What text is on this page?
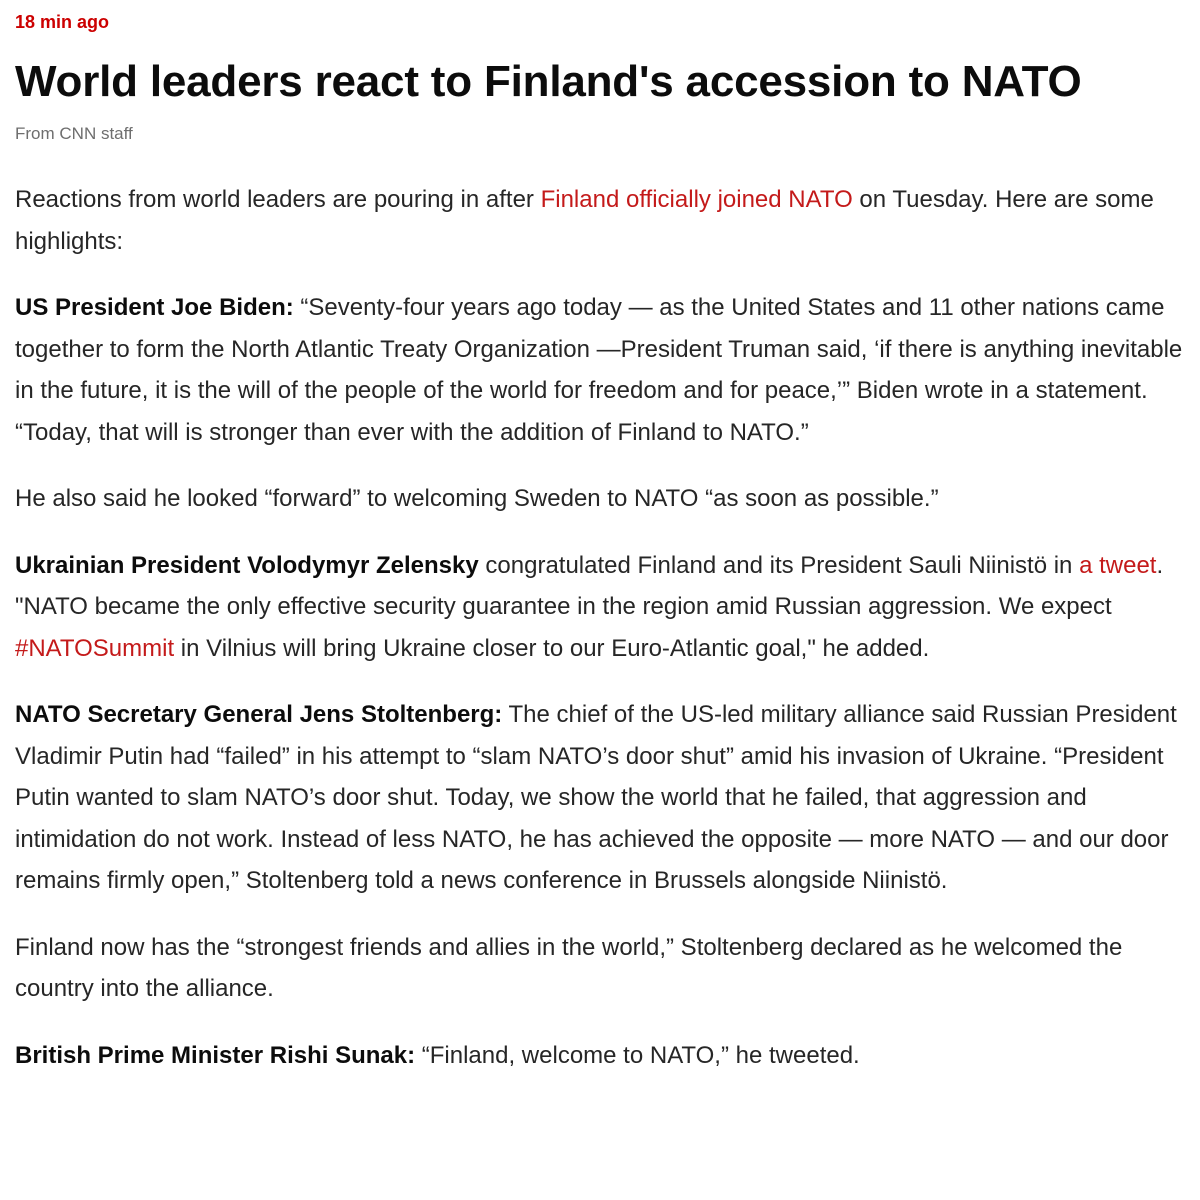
18 min ago

World leaders react to Finland's accession to NATO

From CNN staff

Reactions from world leaders are pouring in after Finland officially joined NATO on Tuesday. Here are some highlights:

US President Joe Biden: “Seventy-four years ago today — as the United States and 11 other nations came together to form the North Atlantic Treaty Organization —President Truman said, ‘if there is anything inevitable in the future, it is the will of the people of the world for freedom and for peace,’” Biden wrote in a statement. “Today, that will is stronger than ever with the addition of Finland to NATO.”

He also said he looked “forward” to welcoming Sweden to NATO “as soon as possible.”

Ukrainian President Volodymyr Zelensky congratulated Finland and its President Sauli Niinistö in a tweet. "NATO became the only effective security guarantee in the region amid Russian aggression. We expect #NATOSummit in Vilnius will bring Ukraine closer to our Euro-Atlantic goal," he added.

NATO Secretary General Jens Stoltenberg: The chief of the US-led military alliance said Russian President Vladimir Putin had “failed” in his attempt to “slam NATO’s door shut” amid his invasion of Ukraine. “President Putin wanted to slam NATO’s door shut. Today, we show the world that he failed, that aggression and intimidation do not work. Instead of less NATO, he has achieved the opposite — more NATO — and our door remains firmly open,” Stoltenberg told a news conference in Brussels alongside Niinistö.

Finland now has the “strongest friends and allies in the world,” Stoltenberg declared as he welcomed the country into the alliance.

British Prime Minister Rishi Sunak: “Finland, welcome to NATO,” he tweeted.
